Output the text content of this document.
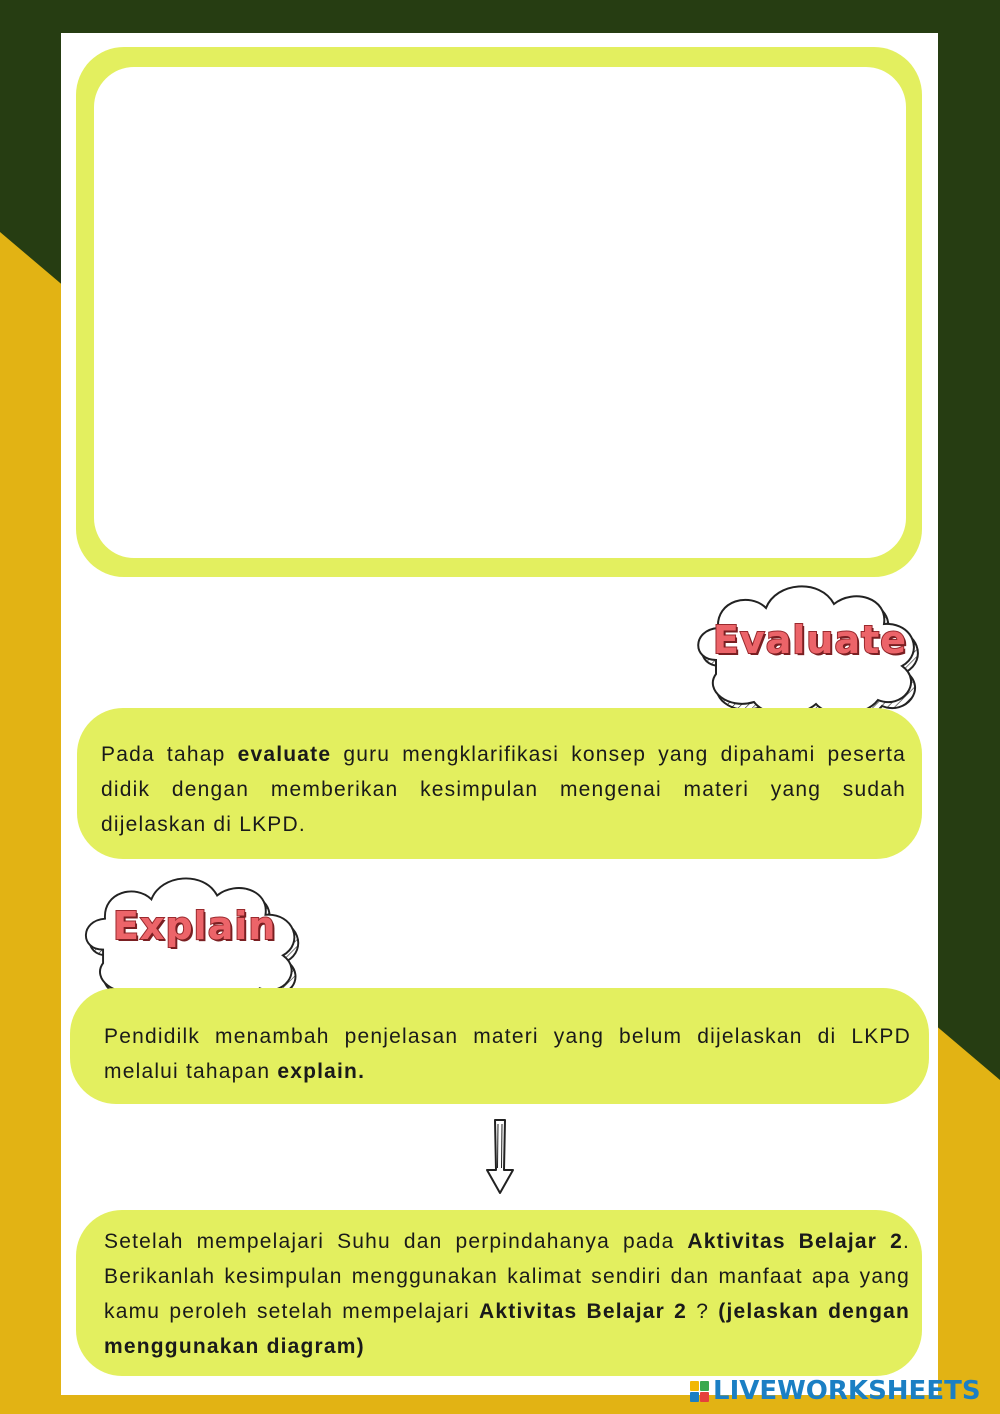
Evaluate
Pada tahap evaluate guru mengklarifikasi konsep yang dipahami peserta didik dengan memberikan kesimpulan mengenai materi yang sudah dijelaskan di LKPD.
Explain
Pendidilk menambah penjelasan materi yang belum dijelaskan di LKPD melalui tahapan explain.
Setelah mempelajari Suhu dan perpindahanya pada Aktivitas Belajar 2. Berikanlah kesimpulan menggunakan kalimat sendiri dan manfaat apa yang kamu peroleh setelah mempelajari Aktivitas Belajar 2 ? (jelaskan dengan menggunakan diagram)
LIVEWORKSHEETS
